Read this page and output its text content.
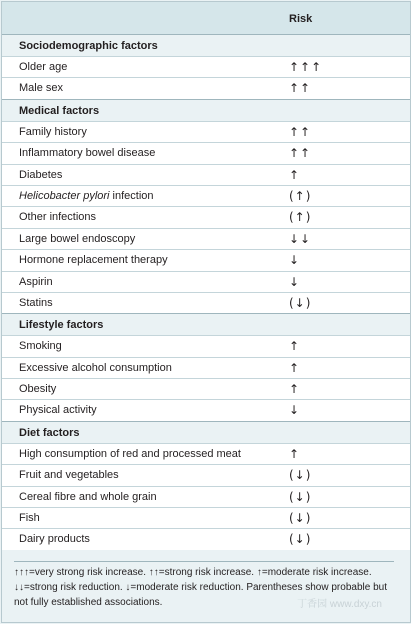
Risk
Sociodemographic factors
Older age	↑↑↑
Male sex	↑↑
Medical factors
Family history	↑↑
Inflammatory bowel disease	↑↑
Diabetes	↑
Helicobacter pylori infection	(↑)
Other infections	(↑)
Large bowel endoscopy	↓↓
Hormone replacement therapy	↓
Aspirin	↓
Statins	(↓)
Lifestyle factors
Smoking	↑
Excessive alcohol consumption	↑
Obesity	↑
Physical activity	↓
Diet factors
High consumption of red and processed meat	↑
Fruit and vegetables	(↓)
Cereal fibre and whole grain	(↓)
Fish	(↓)
Dairy products	(↓)
↑↑↑=very strong risk increase. ↑↑=strong risk increase. ↑=moderate risk increase. ↓↓=strong risk reduction. ↓=moderate risk reduction. Parentheses show probable but not fully established associations.	丁香园 www.dxy.cn
